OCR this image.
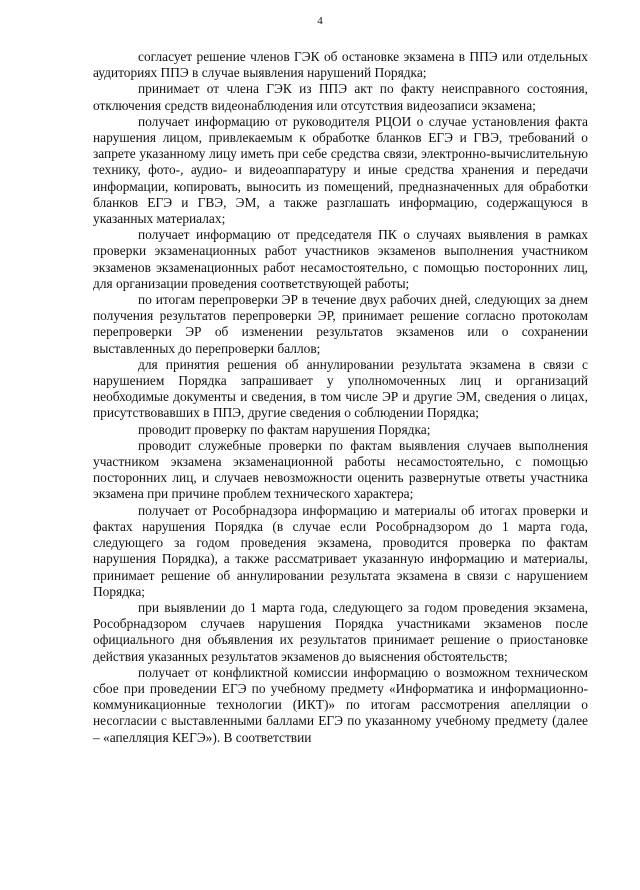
4

согласует решение членов ГЭК об остановке экзамена в ППЭ или отдельных аудиториях ППЭ в случае выявления нарушений Порядка;

принимает от члена ГЭК из ППЭ акт по факту неисправного состояния, отключения средств видеонаблюдения или отсутствия видеозаписи экзамена;

получает информацию от руководителя РЦОИ о случае установления факта нарушения лицом, привлекаемым к обработке бланков ЕГЭ и ГВЭ, требований о запрете указанному лицу иметь при себе средства связи, электронно-вычислительную технику, фото-, аудио- и видеоаппаратуру и иные средства хранения и передачи информации, копировать, выносить из помещений, предназначенных для обработки бланков ЕГЭ и ГВЭ, ЭМ, а также разглашать информацию, содержащуюся в указанных материалах;

получает информацию от председателя ПК о случаях выявления в рамках проверки экзаменационных работ участников экзаменов выполнения участником экзаменов экзаменационных работ несамостоятельно, с помощью посторонних лиц, для организации проведения соответствующей работы;

по итогам перепроверки ЭР в течение двух рабочих дней, следующих за днем получения результатов перепроверки ЭР, принимает решение согласно протоколам перепроверки ЭР об изменении результатов экзаменов или о сохранении выставленных до перепроверки баллов;

для принятия решения об аннулировании результата экзамена в связи с нарушением Порядка запрашивает у уполномоченных лиц и организаций необходимые документы и сведения, в том числе ЭР и другие ЭМ, сведения о лицах, присутствовавших в ППЭ, другие сведения о соблюдении Порядка;

проводит проверку по фактам нарушения Порядка;

проводит служебные проверки по фактам выявления случаев выполнения участником экзамена экзаменационной работы несамостоятельно, с помощью посторонних лиц, и случаев невозможности оценить развернутые ответы участника экзамена при причине проблем технического характера;

получает от Рособрнадзора информацию и материалы об итогах проверки и фактах нарушения Порядка (в случае если Рособрнадзором до 1 марта года, следующего за годом проведения экзамена, проводится проверка по фактам нарушения Порядка), а также рассматривает указанную информацию и материалы, принимает решение об аннулировании результата экзамена в связи с нарушением Порядка;

при выявлении до 1 марта года, следующего за годом проведения экзамена, Рособрнадзором случаев нарушения Порядка участниками экзаменов после официального дня объявления их результатов принимает решение о приостановке действия указанных результатов экзаменов до выяснения обстоятельств;

получает от конфликтной комиссии информацию о возможном техническом сбое при проведении ЕГЭ по учебному предмету «Информатика и информационно-коммуникационные технологии (ИКТ)» по итогам рассмотрения апелляции о несогласии с выставленными баллами ЕГЭ по указанному учебному предмету (далее – «апелляция КЕГЭ»). В соответствии
